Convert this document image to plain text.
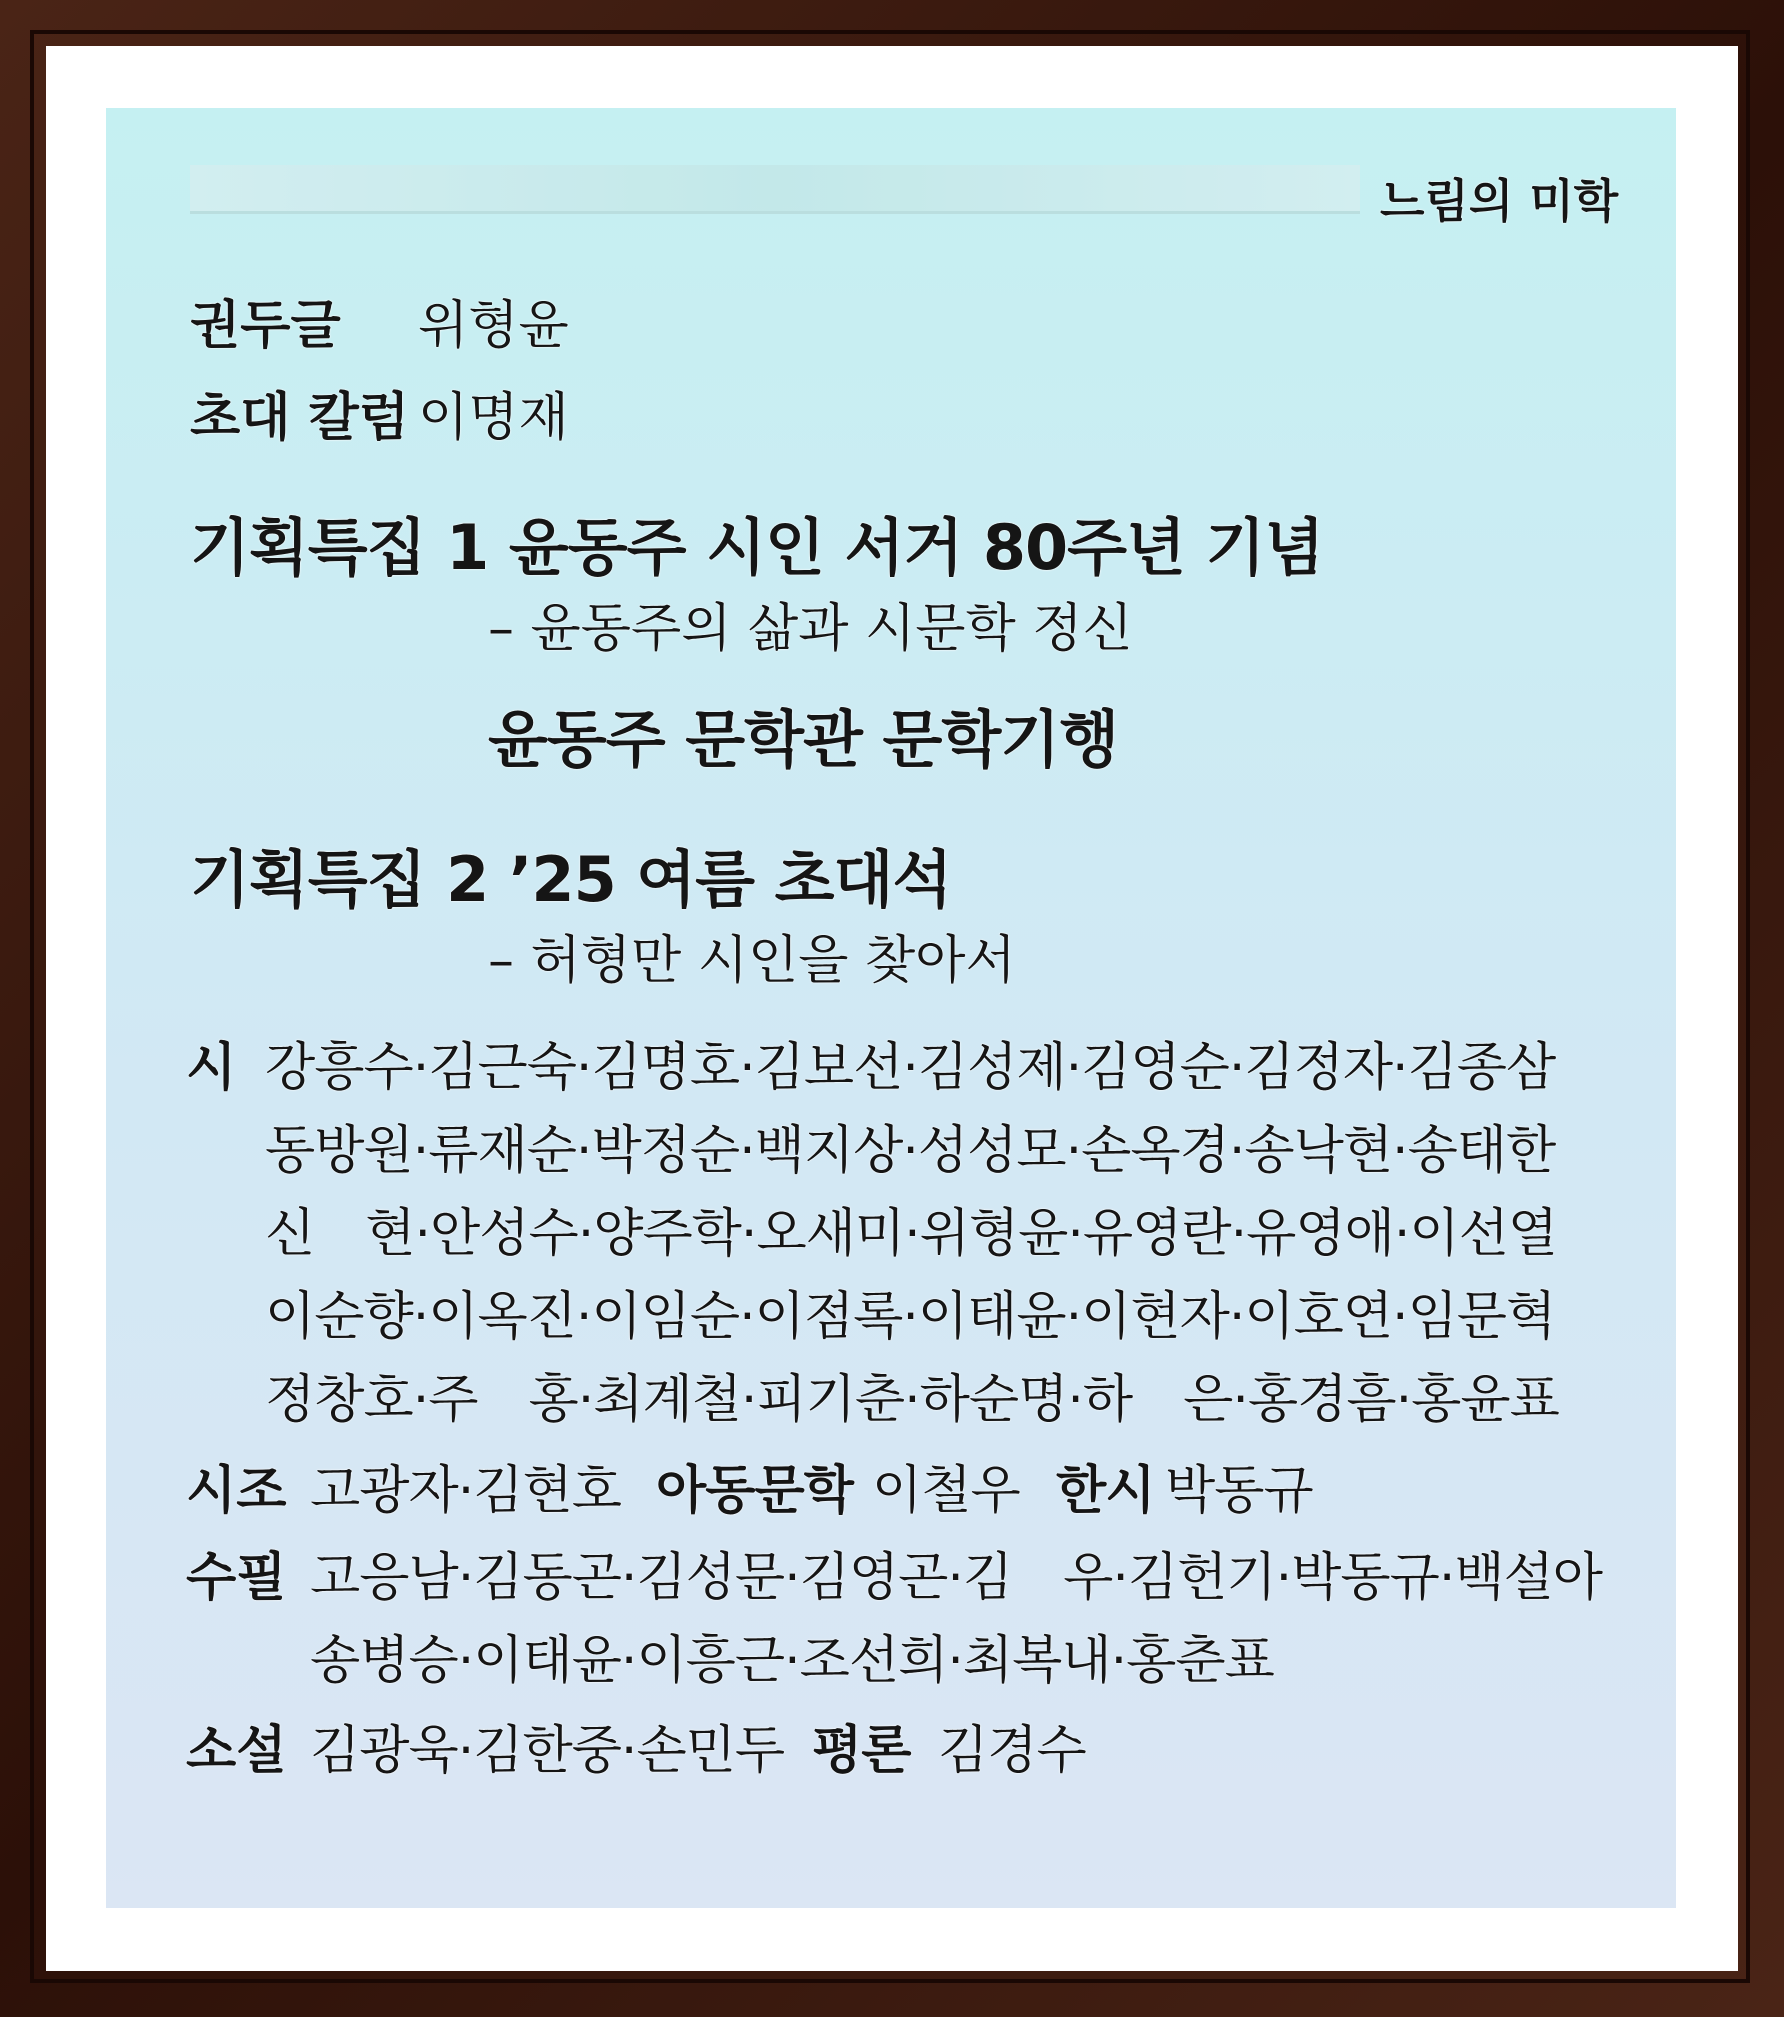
느림의 미학
권두글 위형윤
초대 칼럼 이명재
기획특집 1 윤동주 시인 서거 80주년 기념
– 윤동주의 삶과 시문학 정신
윤동주 문학관 문학기행
기획특집 2 ’25 여름 초대석
– 허형만 시인을 찾아서
시 강흥수·김근숙·김명호·김보선·김성제·김영순·김정자·김종삼
동방원·류재순·박정순·백지상·성성모·손옥경·송낙현·송태한
신　현·안성수·양주학·오새미·위형윤·유영란·유영애·이선열
이순향·이옥진·이임순·이점록·이태윤·이현자·이호연·임문혁
정창호·주　홍·최계철·피기춘·하순명·하　은·홍경흠·홍윤표
시조 고광자·김현호 아동문학 이철우 한시 박동규
수필 고응남·김동곤·김성문·김영곤·김　우·김헌기·박동규·백설아
송병승·이태윤·이흥근·조선희·최복내·홍춘표
소설 김광욱·김한중·손민두 평론 김경수
